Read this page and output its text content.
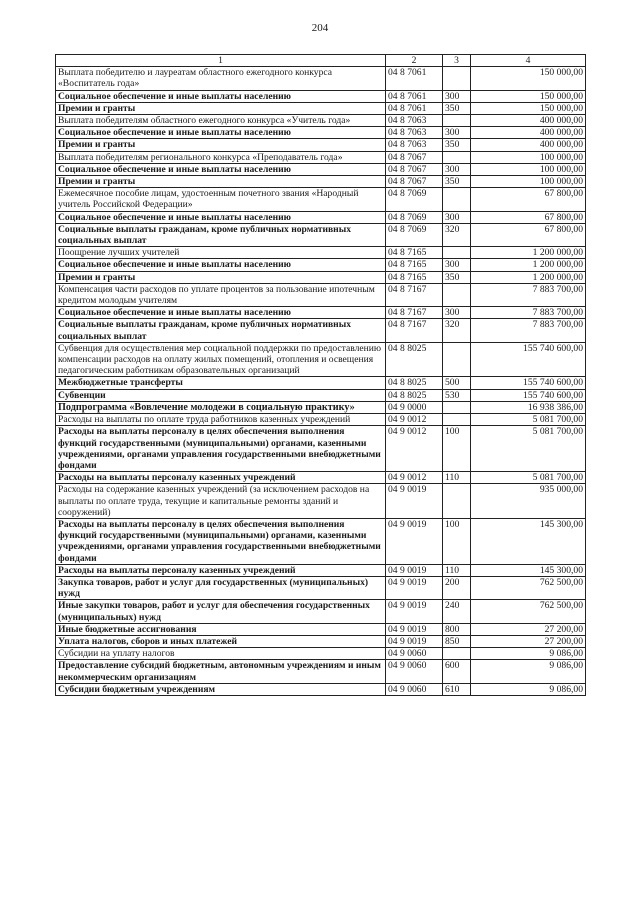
204
1	2	3	4
Выплата победителю и лауреатам областного ежегодного конкурса «Воспитатель года»	04 8 7061		150 000,00
Социальное обеспечение и иные выплаты населению	04 8 7061	300	150 000,00
Премии и гранты	04 8 7061	350	150 000,00
Выплата победителям областного ежегодного конкурса «Учитель года»	04 8 7063		400 000,00
Социальное обеспечение и иные выплаты населению	04 8 7063	300	400 000,00
Премии и гранты	04 8 7063	350	400 000,00
Выплата победителям регионального конкурса «Преподаватель года»	04 8 7067		100 000,00
Социальное обеспечение и иные выплаты населению	04 8 7067	300	100 000,00
Премии и гранты	04 8 7067	350	100 000,00
Ежемесячное пособие лицам, удостоенным почетного звания «Народный учитель Российской Федерации»	04 8 7069		67 800,00
Социальное обеспечение и иные выплаты населению	04 8 7069	300	67 800,00
Социальные выплаты гражданам, кроме публичных нормативных социальных выплат	04 8 7069	320	67 800,00
Поощрение лучших учителей	04 8 7165		1 200 000,00
Социальное обеспечение и иные выплаты населению	04 8 7165	300	1 200 000,00
Премии и гранты	04 8 7165	350	1 200 000,00
Компенсация части расходов по уплате процентов за пользование ипотечным кредитом молодым учителям	04 8 7167		7 883 700,00
Социальное обеспечение и иные выплаты населению	04 8 7167	300	7 883 700,00
Социальные выплаты гражданам, кроме публичных нормативных социальных выплат	04 8 7167	320	7 883 700,00
Субвенция для осуществления мер социальной поддержки по предоставлению компенсации расходов на оплату жилых помещений, отопления и освещения педагогическим работникам образовательных организаций	04 8 8025		155 740 600,00
Межбюджетные трансферты	04 8 8025	500	155 740 600,00
Субвенции	04 8 8025	530	155 740 600,00
Подпрограмма «Вовлечение молодежи в социальную практику»	04 9 0000		16 938 386,00
Расходы на выплаты по оплате труда работников казенных учреждений	04 9 0012		5 081 700,00
Расходы на выплаты персоналу в целях обеспечения выполнения функций государственными (муниципальными) органами, казенными учреждениями, органами управления государственными внебюджетными фондами	04 9 0012	100	5 081 700,00
Расходы на выплаты персоналу казенных учреждений	04 9 0012	110	5 081 700,00
Расходы на содержание казенных учреждений (за исключением расходов на выплаты по оплате труда, текущие и капитальные ремонты зданий и сооружений)	04 9 0019		935 000,00
Расходы на выплаты персоналу в целях обеспечения выполнения функций государственными (муниципальными) органами, казенными учреждениями, органами управления государственными внебюджетными фондами	04 9 0019	100	145 300,00
Расходы на выплаты персоналу казенных учреждений	04 9 0019	110	145 300,00
Закупка товаров, работ и услуг для государственных (муниципальных) нужд	04 9 0019	200	762 500,00
Иные закупки товаров, работ и услуг для обеспечения государственных (муниципальных) нужд	04 9 0019	240	762 500,00
Иные бюджетные ассигнования	04 9 0019	800	27 200,00
Уплата налогов, сборов и иных платежей	04 9 0019	850	27 200,00
Субсидии на уплату налогов	04 9 0060		9 086,00
Предоставление субсидий бюджетным, автономным учреждениям и иным некоммерческим организациям	04 9 0060	600	9 086,00
Субсидии бюджетным учреждениям	04 9 0060	610	9 086,00
